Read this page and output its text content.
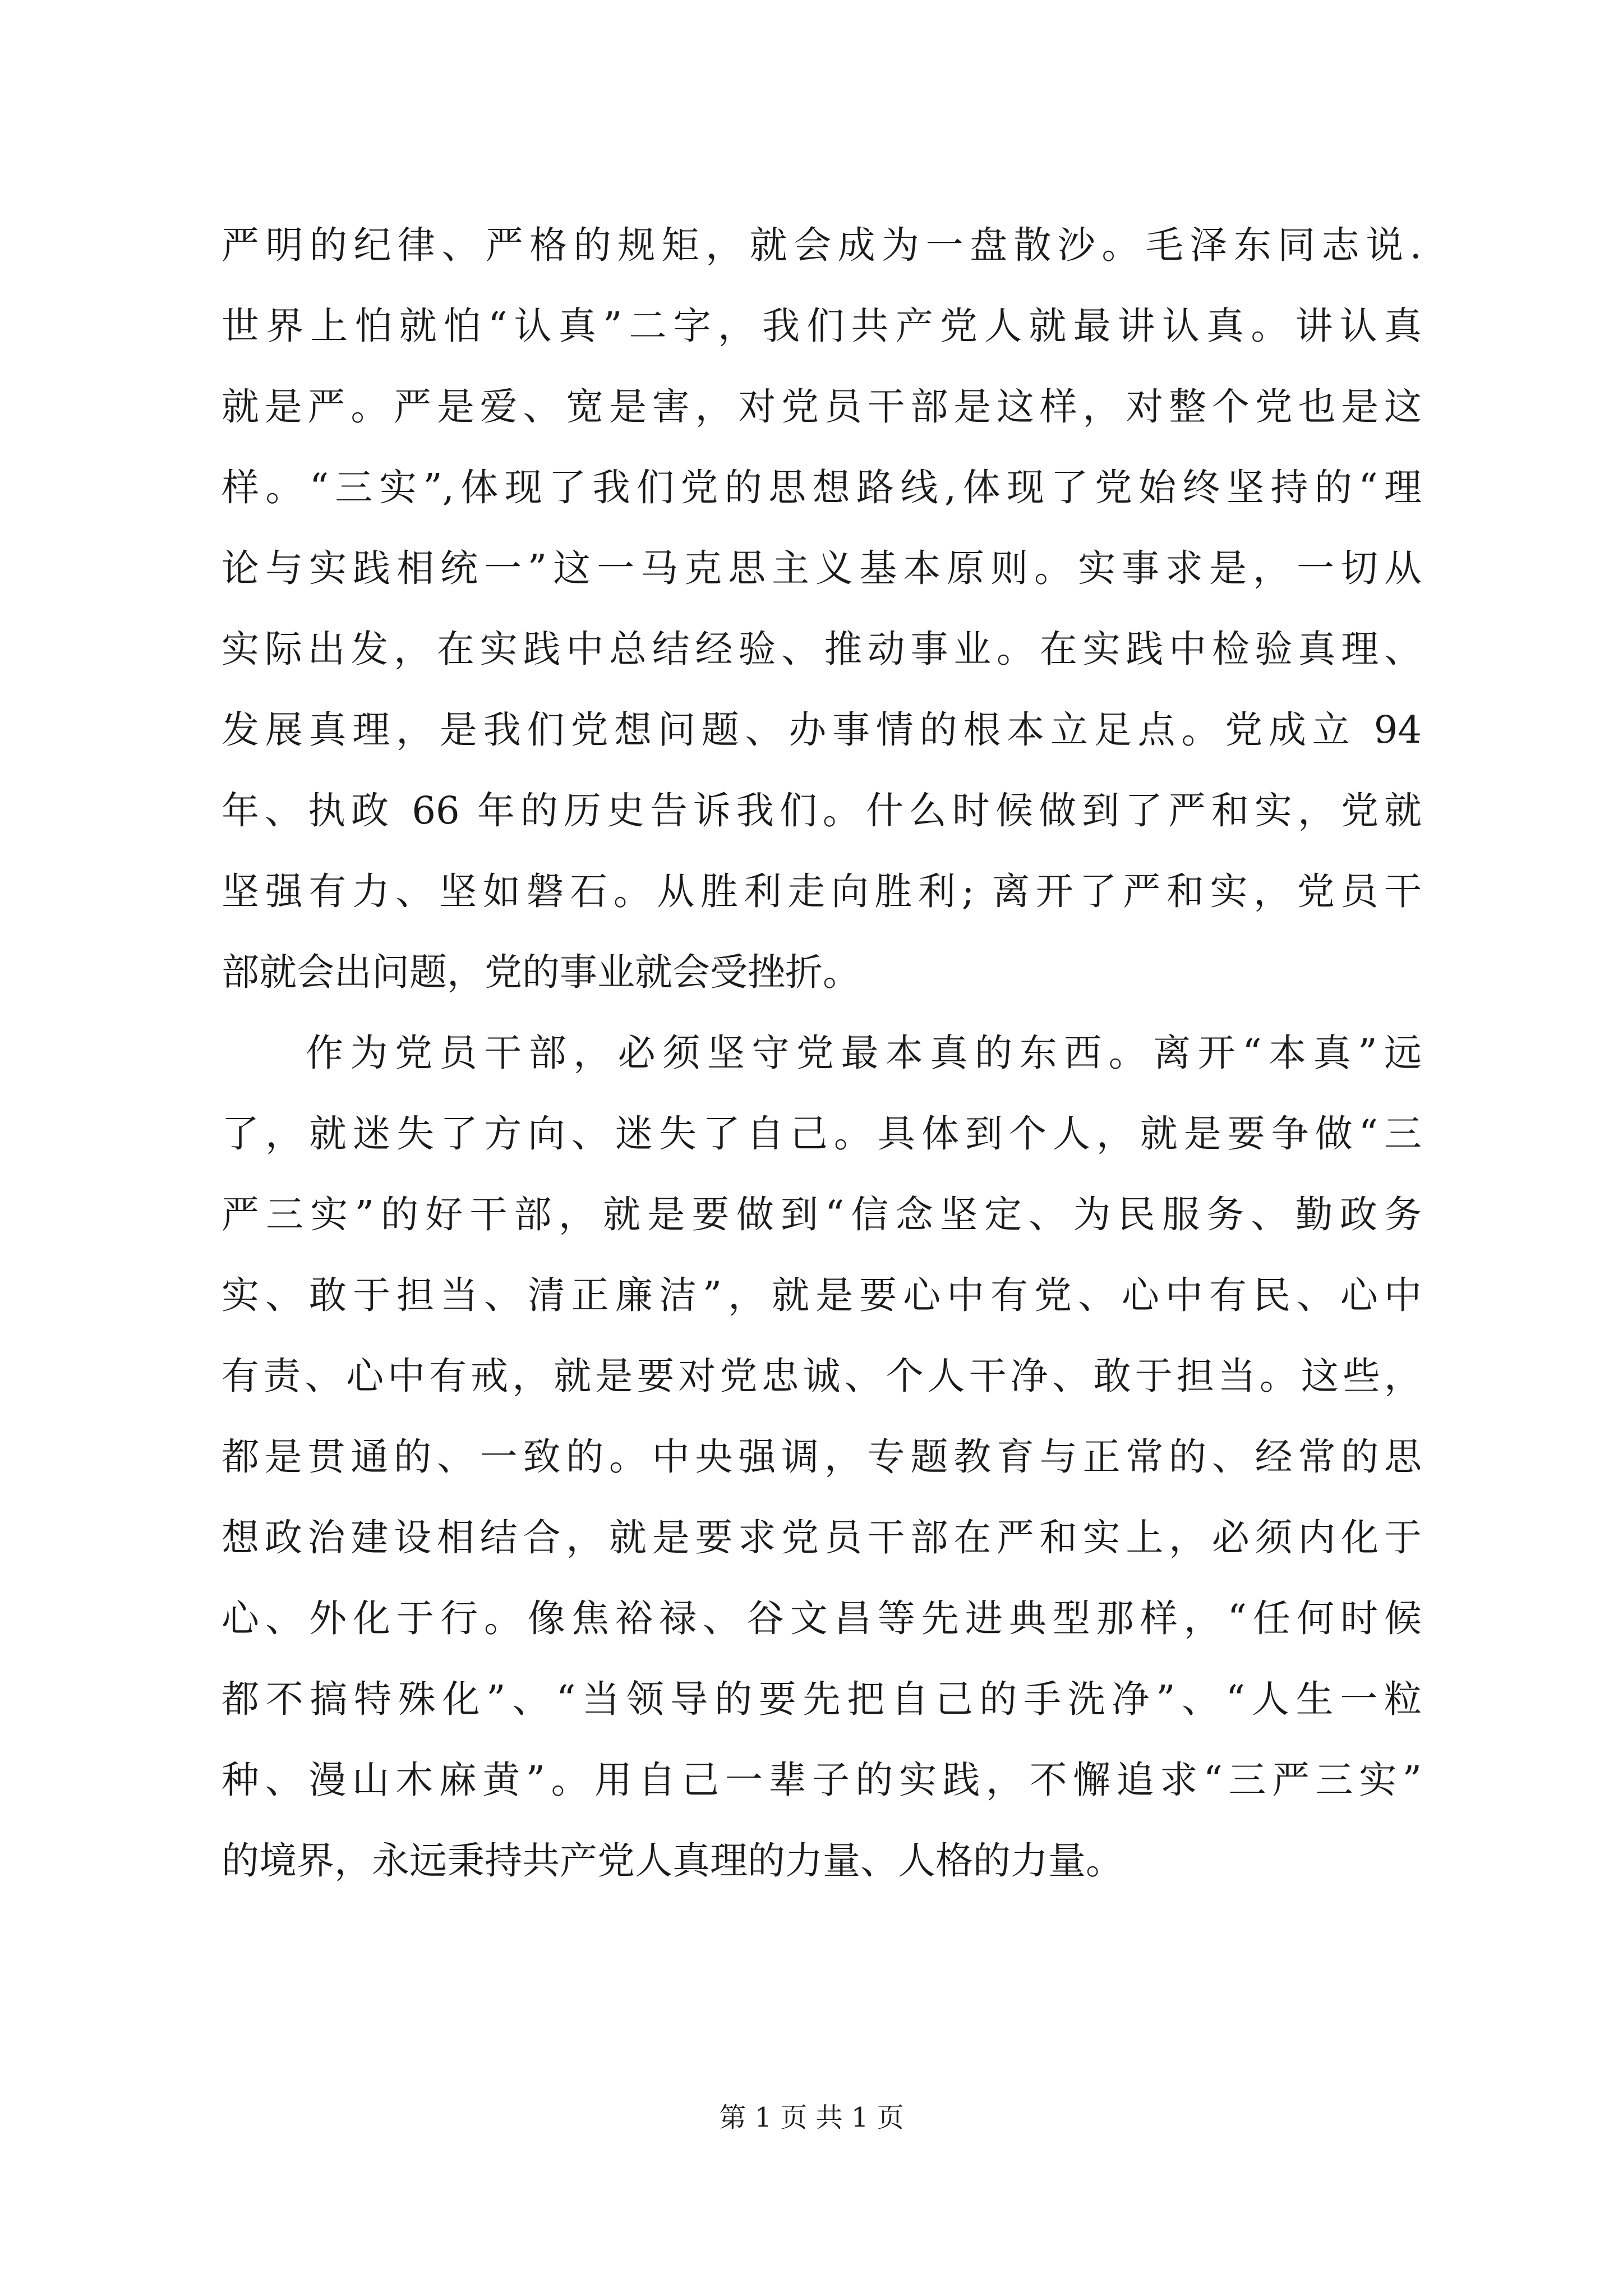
严明的纪律、严格的规矩，就会成为一盘散沙。毛泽东同志说.
世界上怕就怕“认真”二字，我们共产党人就最讲认真。讲认真
就是严。严是爱、宽是害，对党员干部是这样，对整个党也是这
样。“三实”,体现了我们党的思想路线,体现了党始终坚持的“理
论与实践相统一”这一马克思主义基本原则。实事求是，一切从
实际出发，在实践中总结经验、推动事业。在实践中检验真理、
发展真理，是我们党想问题、办事情的根本立足点。党成立 94
年、执政 66 年的历史告诉我们。什么时候做到了严和实，党就
坚强有力、坚如磐石。从胜利走向胜利; 离开了严和实，党员干
部就会出问题，党的事业就会受挫折。
作为党员干部，必须坚守党最本真的东西。离开“本真”远
了，就迷失了方向、迷失了自己。具体到个人，就是要争做“三
严三实”的好干部，就是要做到“信念坚定、为民服务、勤政务
实、敢于担当、清正廉洁”，就是要心中有党、心中有民、心中
有责、心中有戒，就是要对党忠诚、个人干净、敢于担当。这些，
都是贯通的、一致的。中央强调，专题教育与正常的、经常的思
想政治建设相结合，就是要求党员干部在严和实上，必须内化于
心、外化于行。像焦裕禄、谷文昌等先进典型那样，“任何时候
都不搞特殊化”、“当领导的要先把自己的手洗净”、“人生一粒
种、漫山木麻黄”。用自己一辈子的实践，不懈追求“三严三实”
的境界，永远秉持共产党人真理的力量、人格的力量。
第 1 页 共 1 页
